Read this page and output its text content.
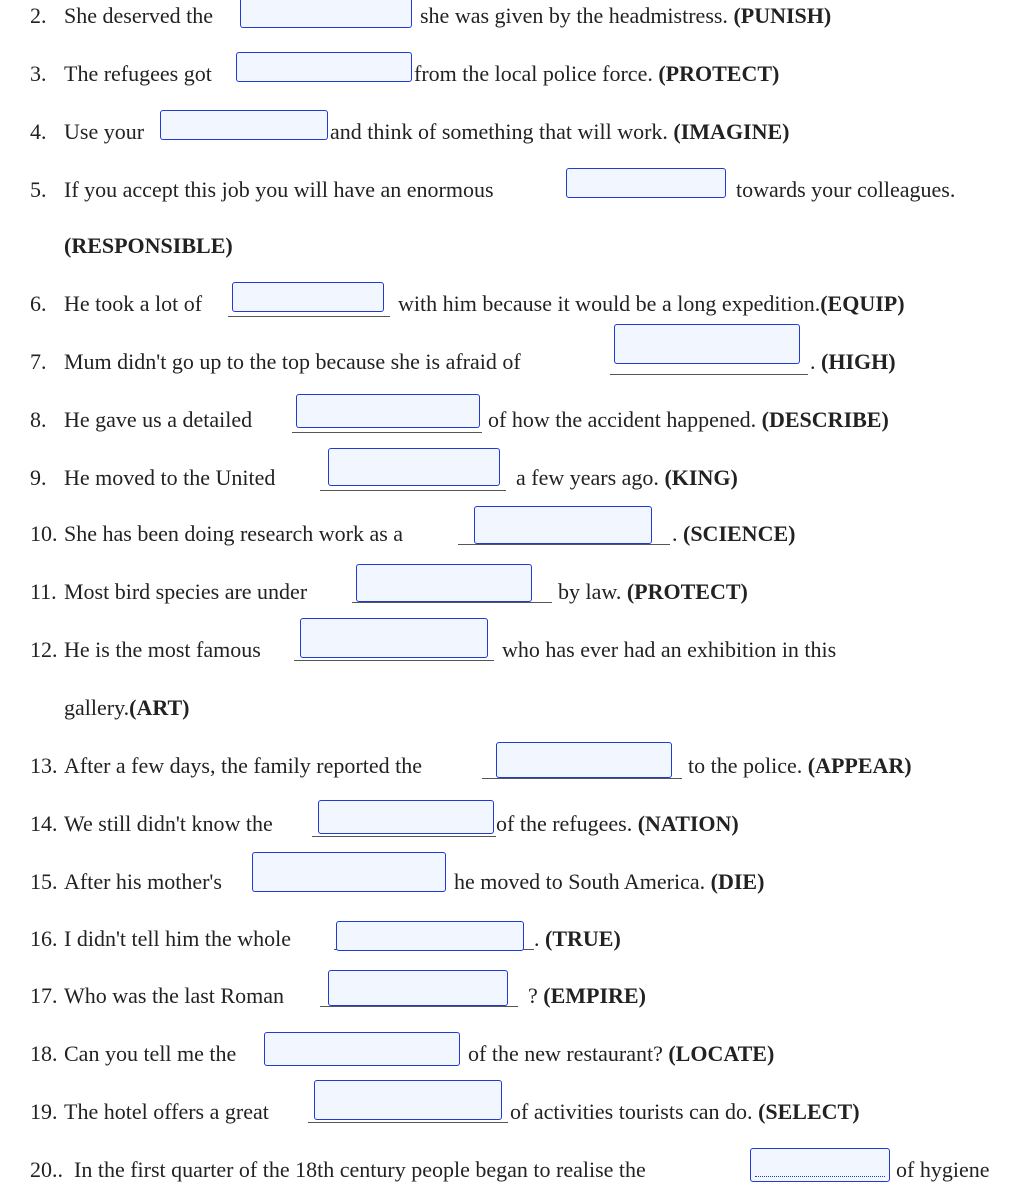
2. She deserved the	she was given by the headmistress. (PUNISH)
3. The refugees got	from the local police force. (PROTECT)
4. Use your	and think of something that will work. (IMAGINE)
5. If you accept this job you will have an enormous	towards your colleagues.
(RESPONSIBLE)
6. He took a lot of	with him because it would be a long expedition.(EQUIP)
7. Mum didn't go up to the top because she is afraid of	. (HIGH)
8. He gave us a detailed	of how the accident happened. (DESCRIBE)
9. He moved to the United	a few years ago. (KING)
10. She has been doing research work as a	. (SCIENCE)
11. Most bird species are under	by law. (PROTECT)
12. He is the most famous	who has ever had an exhibition in this
gallery.(ART)
13. After a few days, the family reported the	to the police. (APPEAR)
14. We still didn't know the	of the refugees. (NATION)
15. After his mother's	he moved to South America. (DIE)
16. I didn't tell him the whole	. (TRUE)
17. Who was the last Roman	? (EMPIRE)
18. Can you tell me the	of the new restaurant? (LOCATE)
19. The hotel offers a great	of activities tourists can do. (SELECT)
20.. In the first quarter of the 18th century people began to realise the	of hygiene
